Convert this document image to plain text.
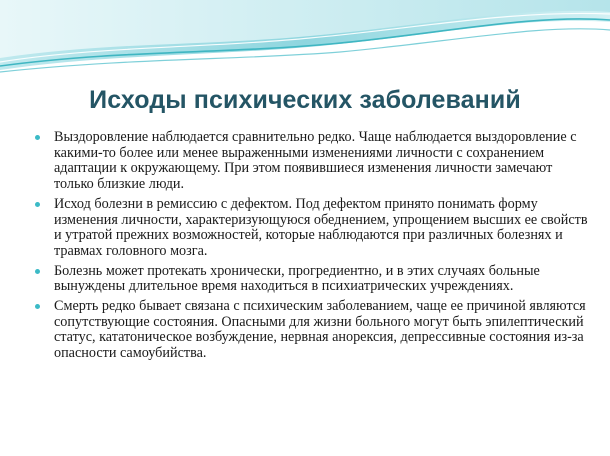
Исходы психических заболеваний
Выздоровление наблюдается сравнительно редко. Чаще наблюдается выздоровление с какими-то более или менее выраженными изменениями личности с сохранением адаптации к окружающему. При этом появившиеся изменения личности замечают только близкие люди.
Исход болезни в ремиссию с дефектом. Под дефектом принято понимать форму изменения личности, характеризующуюся обеднением, упрощением высших ее свойств и утратой прежних возможностей, которые наблюдаются при различных болезнях и травмах головного мозга.
Болезнь может протекать хронически, прогредиентно, и в этих случаях больные вынуждены длительное время находиться в психиатрических учреждениях.
Смерть редко бывает связана с психическим заболеванием, чаще ее причиной являются сопутствующие состояния. Опасными для жизни больного могут быть эпилептический статус, кататоническое возбуждение, нервная анорексия, депрессивные состояния из-за опасности самоубийства.
